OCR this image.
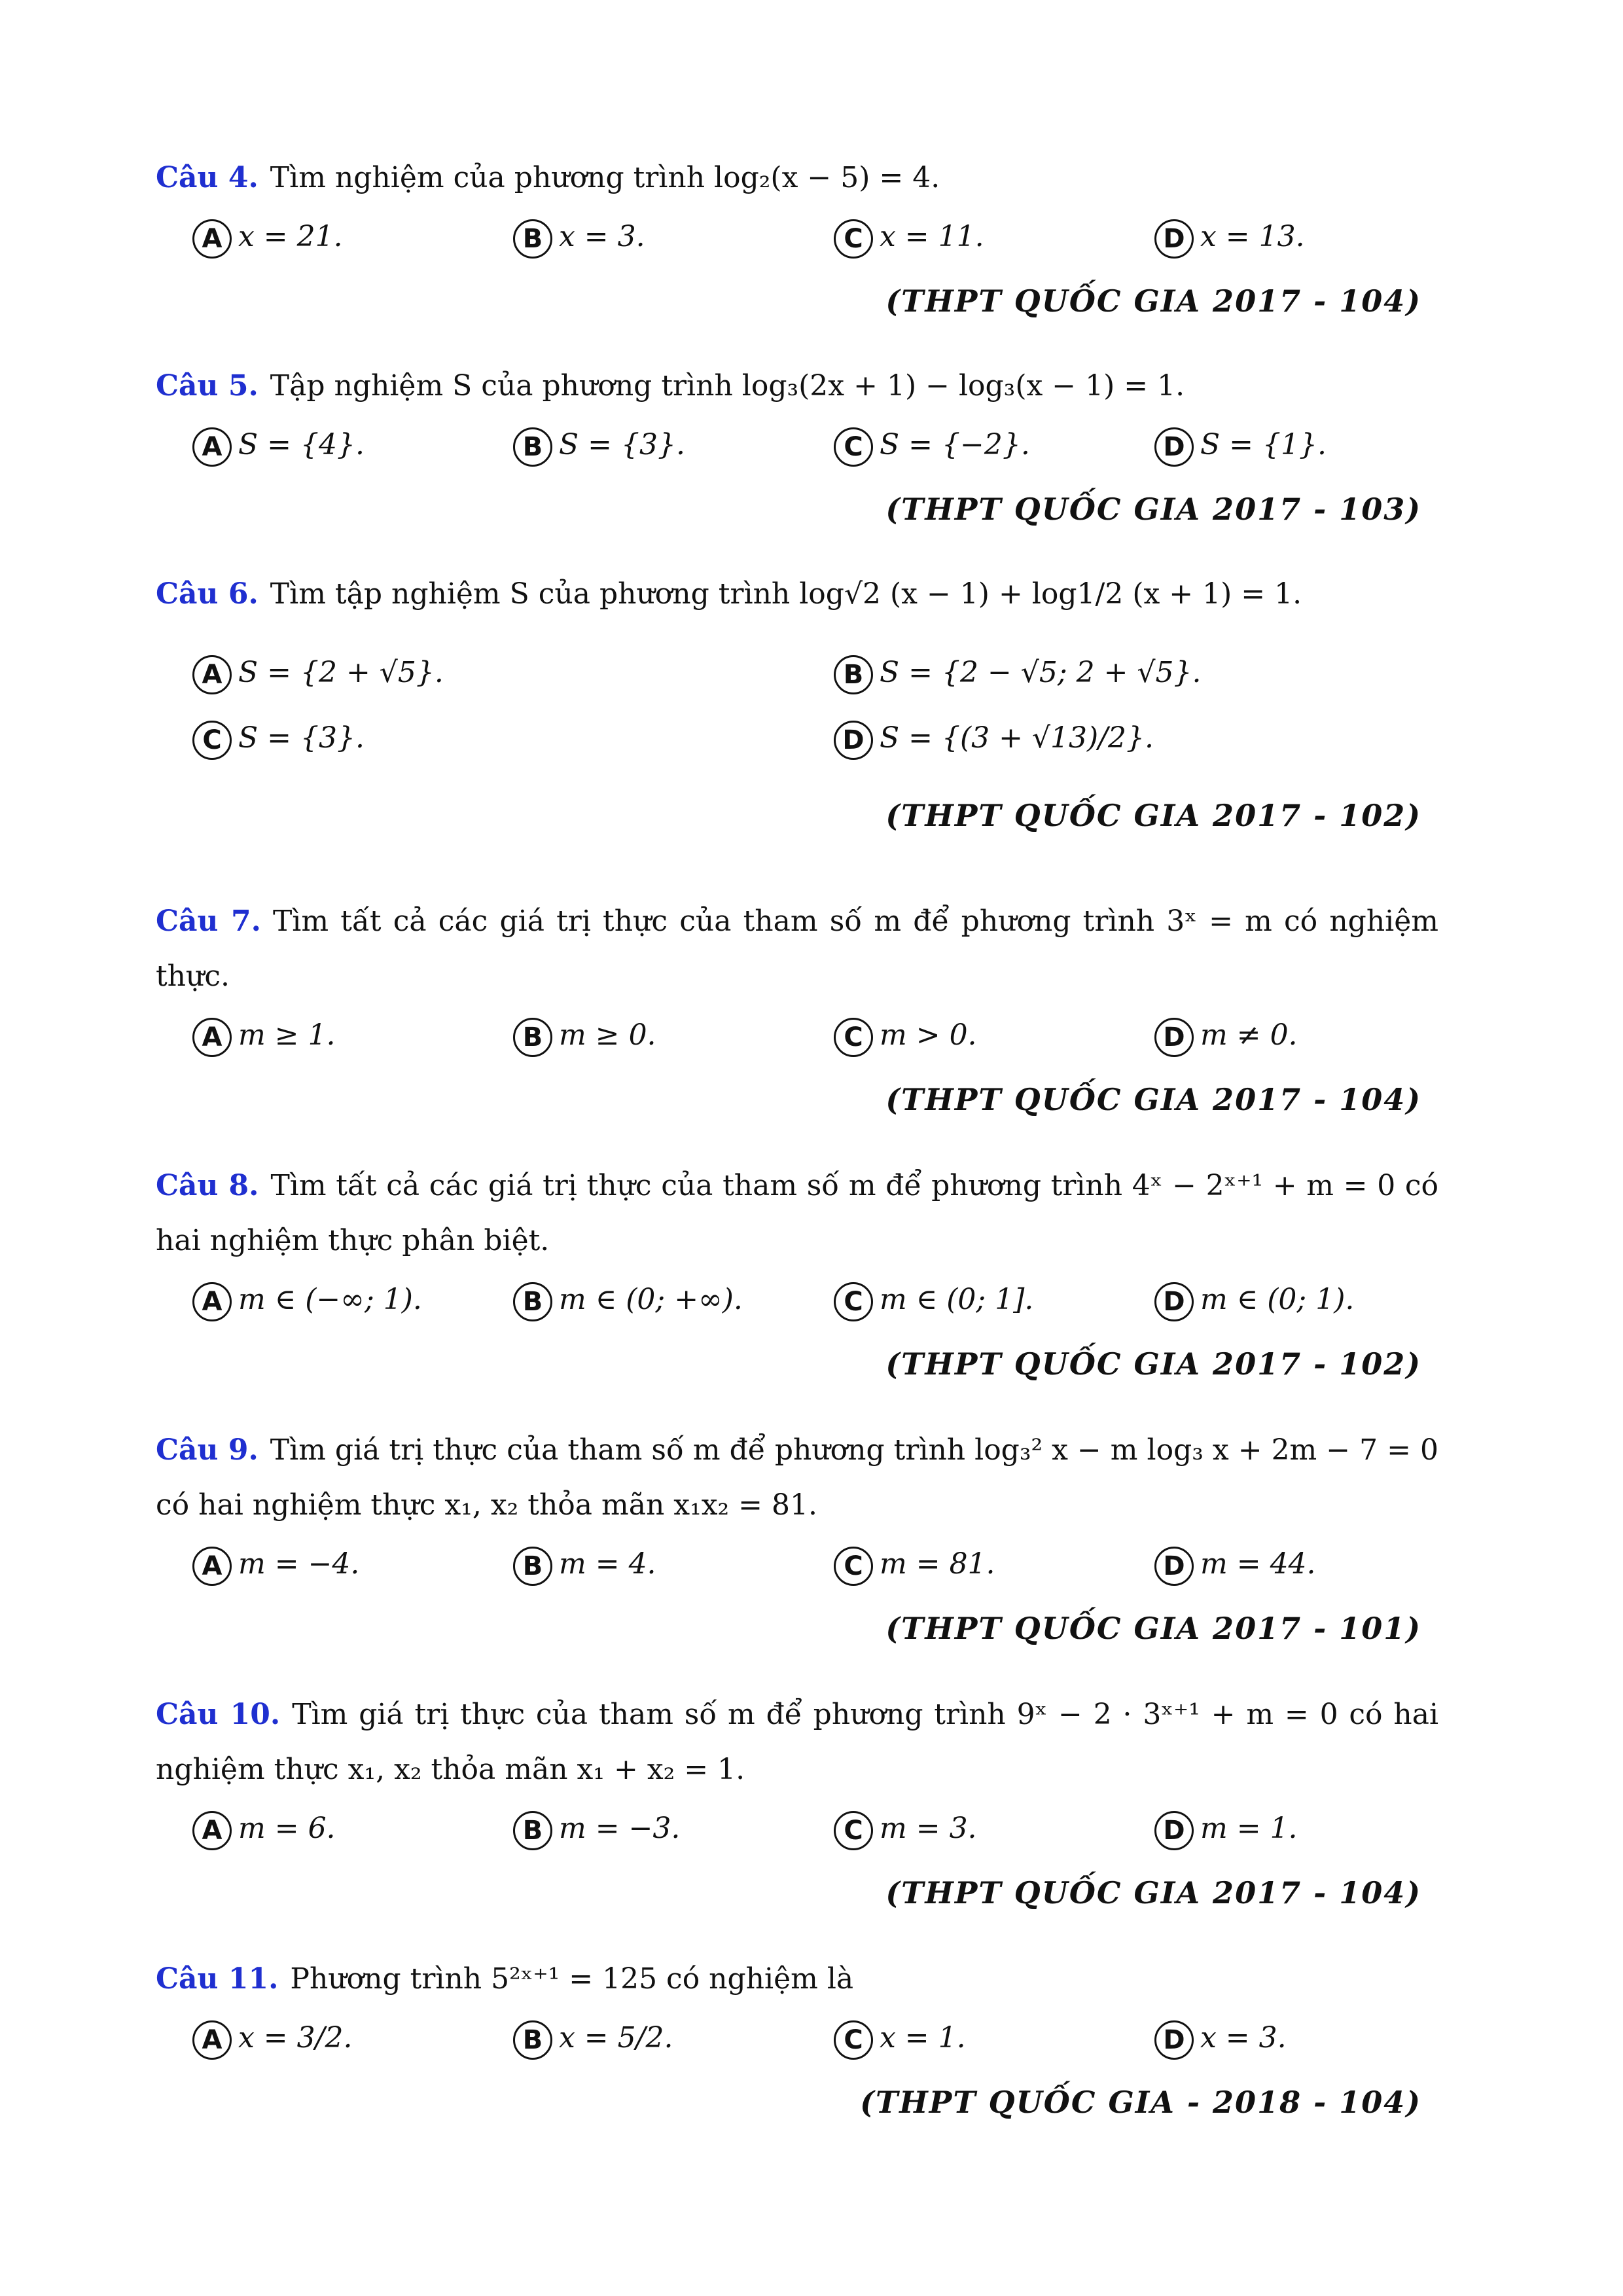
Câu 4. Tìm nghiệm của phương trình log₂(x − 5) = 4.
A x = 21.	B x = 3.	C x = 11.	D x = 13.
(THPT QUỐC GIA 2017 - 104)
Câu 5. Tập nghiệm S của phương trình log₃(2x + 1) − log₃(x − 1) = 1.
A S = {4}.	B S = {3}.	C S = {−2}.	D S = {1}.
(THPT QUỐC GIA 2017 - 103)
Câu 6. Tìm tập nghiệm S của phương trình log√2 (x − 1) + log1/2 (x + 1) = 1.
A S = {2 + √5}.	B S = {2 − √5; 2 + √5}.
C S = {3}.	D S = {(3 + √13)/2}.
(THPT QUỐC GIA 2017 - 102)
Câu 7. Tìm tất cả các giá trị thực của tham số m để phương trình 3ˣ = m có nghiệm thực.
A m ≥ 1.	B m ≥ 0.	C m > 0.	D m ≠ 0.
(THPT QUỐC GIA 2017 - 104)
Câu 8. Tìm tất cả các giá trị thực của tham số m để phương trình 4ˣ − 2ˣ⁺¹ + m = 0 có hai nghiệm thực phân biệt.
A m ∈ (−∞; 1).	B m ∈ (0; +∞).	C m ∈ (0; 1].	D m ∈ (0; 1).
(THPT QUỐC GIA 2017 - 102)
Câu 9. Tìm giá trị thực của tham số m để phương trình log₃² x − m log₃ x + 2m − 7 = 0 có hai nghiệm thực x₁, x₂ thỏa mãn x₁x₂ = 81.
A m = −4.	B m = 4.	C m = 81.	D m = 44.
(THPT QUỐC GIA 2017 - 101)
Câu 10. Tìm giá trị thực của tham số m để phương trình 9ˣ − 2 · 3ˣ⁺¹ + m = 0 có hai nghiệm thực x₁, x₂ thỏa mãn x₁ + x₂ = 1.
A m = 6.	B m = −3.	C m = 3.	D m = 1.
(THPT QUỐC GIA 2017 - 104)
Câu 11. Phương trình 5²ˣ⁺¹ = 125 có nghiệm là
A x = 3/2.	B x = 5/2.	C x = 1.	D x = 3.
(THPT QUỐC GIA - 2018 - 104)
